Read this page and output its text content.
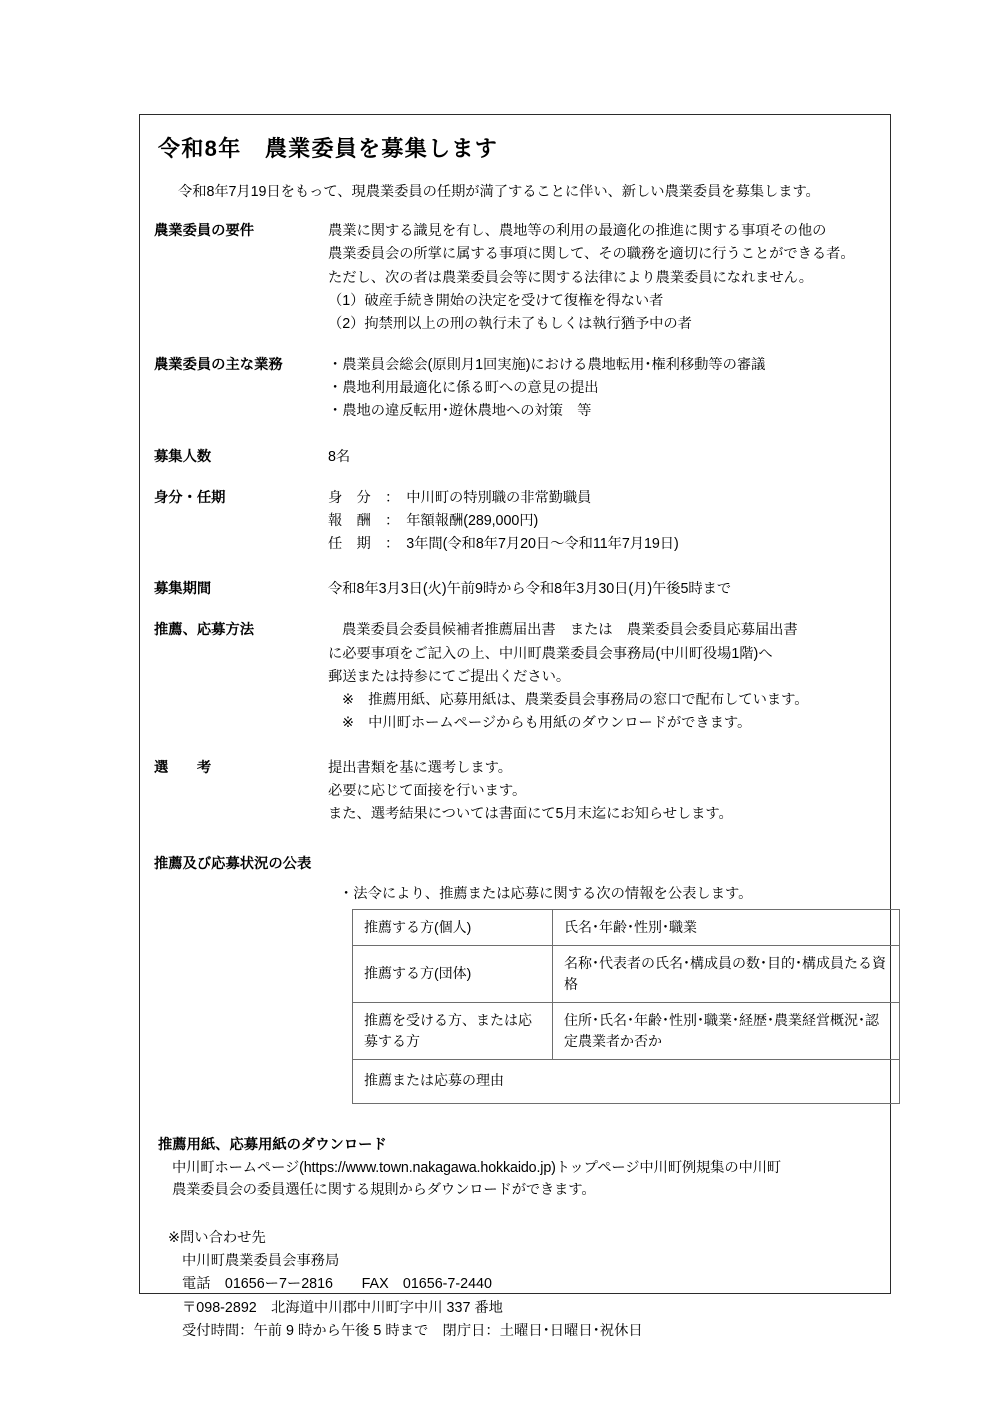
令和8年　農業委員を募集します
令和8年7月19日をもって、現農業委員の任期が満了することに伴い、新しい農業委員を募集します。
農業委員の要件	農業に関する識見を有し、農地等の利用の最適化の推進に関する事項その他の
農業委員会の所掌に属する事項に関して、その職務を適切に行うことができる者。
ただし、次の者は農業委員会等に関する法律により農業委員になれません。
（1）破産手続き開始の決定を受けて復権を得ない者
（2）拘禁刑以上の刑の執行未了もしくは執行猶予中の者
農業委員の主な業務	・農業員会総会(原則月1回実施)における農地転用･権利移動等の審議
・農地利用最適化に係る町への意見の提出
・農地の違反転用･遊休農地への対策　等
募集人数	8名
身分・任期	身　分　：　中川町の特別職の非常勤職員
報　酬　：　年額報酬(289,000円)
任　期　：　3年間(令和8年7月20日〜令和11年7月19日)
募集期間	令和8年3月3日(火)午前9時から令和8年3月30日(月)午後5時まで
推薦、応募方法	農業委員会委員候補者推薦届出書　または　農業委員会委員応募届出書
に必要事項をご記入の上、中川町農業委員会事務局(中川町役場1階)へ
郵送または持参にてご提出ください。
※　推薦用紙、応募用紙は、農業委員会事務局の窓口で配布しています。
※　中川町ホームページからも用紙のダウンロードができます。
選　　考	提出書類を基に選考します。
必要に応じて面接を行います。
また、選考結果については書面にて5月末迄にお知らせします。
推薦及び応募状況の公表
・法令により、推薦または応募に関する次の情報を公表します。
推薦する方(個人)	氏名･年齢･性別･職業
推薦する方(団体)	名称･代表者の氏名･構成員の数･目的･構成員たる資格
推薦を受ける方、または応募する方	住所･氏名･年齢･性別･職業･経歴･農業経営概況･認定農業者か否か
推薦または応募の理由	
推薦用紙、応募用紙のダウンロード
中川町ホームページ(https://www.town.nakagawa.hokkaido.jp)トップページ中川町例規集の中川町
農業委員会の委員選任に関する規則からダウンロードができます。
※問い合わせ先
中川町農業委員会事務局
電話　01656ー7ー2816　　FAX　01656-7-2440
〒098-2892　北海道中川郡中川町字中川 337 番地
受付時間：午前 9 時から午後 5 時まで　閉庁日：土曜日･日曜日･祝休日
